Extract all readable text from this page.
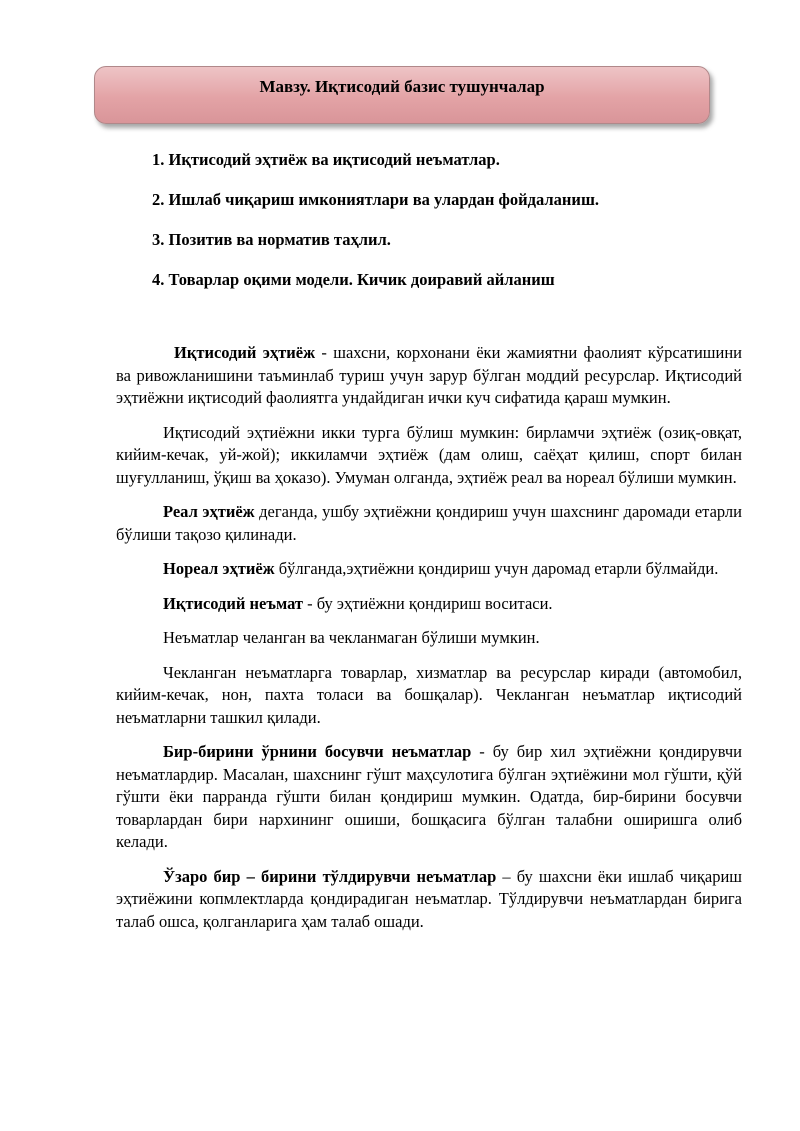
Мавзу. Иқтисодий базис тушунчалар
1. Иқтисодий эҳтиёж ва иқтисодий неъматлар.
2. Ишлаб чиқариш имкониятлари ва улардан фойдаланиш.
3. Позитив ва норматив таҳлил.
4. Товарлар оқими модели. Кичик доиравий айланиш

Иқтисодий эҳтиёж - шахсни, корхонани ёки жамиятни фаолият кўрсатишини ва ривожланишини таъминлаб туриш учун зарур бўлган моддий ресурслар. Иқтисодий эҳтиёжни иқтисодий фаолиятга ундайдиган ички куч сифатида қараш мумкин.

Иқтисодий эҳтиёжни икки турга бўлиш мумкин: бирламчи эҳтиёж (озиқ-овқат, кийим-кечак, уй-жой); иккиламчи эҳтиёж (дам олиш, саёҳат қилиш, спорт билан шуғулланиш, ўқиш ва ҳоказо). Умуман олганда, эҳтиёж реал ва нореал бўлиши мумкин.

Реал эҳтиёж деганда, ушбу эҳтиёжни қондириш учун шахснинг даромади етарли бўлиши тақозо қилинади.

Нореал эҳтиёж бўлганда,эҳтиёжни қондириш учун даромад етарли бўлмайди.

Иқтисодий неъмат - бу эҳтиёжни қондириш воситаси.

Неъматлар челанган ва чекланмаган бўлиши мумкин.

Чекланган неъматларга товарлар, хизматлар ва ресурслар киради (автомобил, кийим-кечак, нон, пахта толаси ва бошқалар). Чекланган неъматлар иқтисодий неъматларни ташкил қилади.

Бир-бирини ўрнини босувчи неъматлар - бу бир хил эҳтиёжни қондирувчи неъматлардир. Масалан, шахснинг гўшт маҳсулотига бўлган эҳтиёжини мол гўшти, қўй гўшти ёки парранда гўшти билан қондириш мумкин. Одатда, бир-бирини босувчи товарлардан бири нархининг ошиши, бошқасига бўлган талабни оширишга олиб келади.

Ўзаро бир – бирини тўлдирувчи неъматлар – бу шахсни ёки ишлаб чиқариш эҳтиёжини копмлектларда қондирадиган неъматлар. Тўлдирувчи неъматлардан бирига талаб ошса, қолганларига ҳам талаб ошади.
